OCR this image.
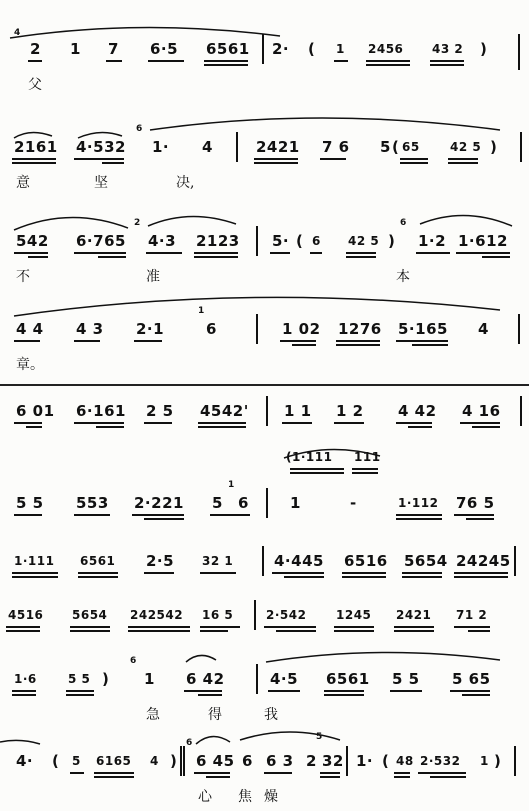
4
2 1 7 6·5 6561 2· ( 1 2456 43 2 )
父
6
2161 4·532 1· 4	2421 7 6 5 ( 65	42 5 )
意	坚	决,
2	6
542 6·765 4·3 2123 5· ( 6 42 5 ) 1·2 1·612
不	准	本
1
4 4 4 3 2·1	6	1 02 1276 5·165 4
章。
6 01 6·161 2 5 4542' 1 1 1 2 4 42 4 16
(1·111 111
1
5 5 553 2·221 5 6	1	-	1·112 76 5
1·111 6561 2·5 32 1	4·445 6516 5654 24245
4516 5654 242542 16 5	2·542 1245 2421 71 2
6
1·6	5 5 ) 1 6 42	4·5 6561 5 5 5 65
急	得	我
5
6
4· ( 5 6165 4 ) 6 45 6 6 3 2 32 1· ( 48 2·532 1 )
心 焦 燥
